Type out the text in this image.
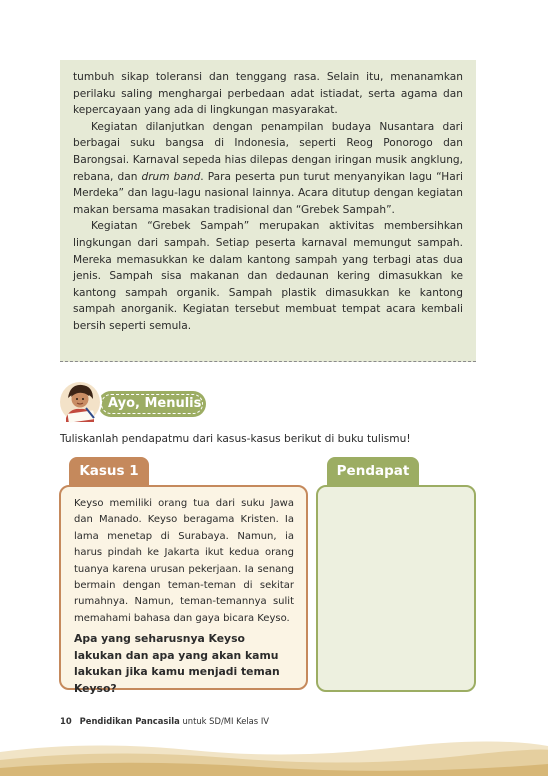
tumbuh sikap toleransi dan tenggang rasa. Selain itu, menanamkan perilaku saling menghargai perbedaan adat istiadat, serta agama dan kepercayaan yang ada di lingkungan masyarakat.

Kegiatan dilanjutkan dengan penampilan budaya Nusantara dari berbagai suku bangsa di Indonesia, seperti Reog Ponorogo dan Barongsai. Karnaval sepeda hias dilepas dengan iringan musik angklung, rebana, dan drum band. Para peserta pun turut menyanyikan lagu “Hari Merdeka” dan lagu-lagu nasional lainnya. Acara ditutup dengan kegiatan makan bersama masakan tradisional dan “Grebek Sampah”.

Kegiatan “Grebek Sampah” merupakan aktivitas membersihkan lingkungan dari sampah. Setiap peserta karnaval memungut sampah. Mereka memasukkan ke dalam kantong sampah yang terbagi atas dua jenis. Sampah sisa makanan dan dedaunan kering dimasukkan ke kantong sampah organik. Sampah plastik dimasukkan ke kantong sampah anorganik. Kegiatan tersebut membuat tempat acara kembali bersih seperti semula.

Ayo, Menulis
Tuliskanlah pendapatmu dari kasus-kasus berikut di buku tulismu!
Kasus 1	Pendapat

Keyso memiliki orang tua dari suku Jawa dan Manado. Keyso beragama Kristen. Ia lama menetap di Surabaya. Namun, ia harus pindah ke Jakarta ikut kedua orang tuanya karena urusan pekerjaan. Ia senang bermain dengan teman-teman di sekitar rumahnya. Namun, teman-temannya sulit memahami bahasa dan gaya bicara Keyso.

Apa yang seharusnya Keyso lakukan dan apa yang akan kamu lakukan jika kamu menjadi teman Keyso?

10 Pendidikan Pancasila untuk SD/MI Kelas IV
